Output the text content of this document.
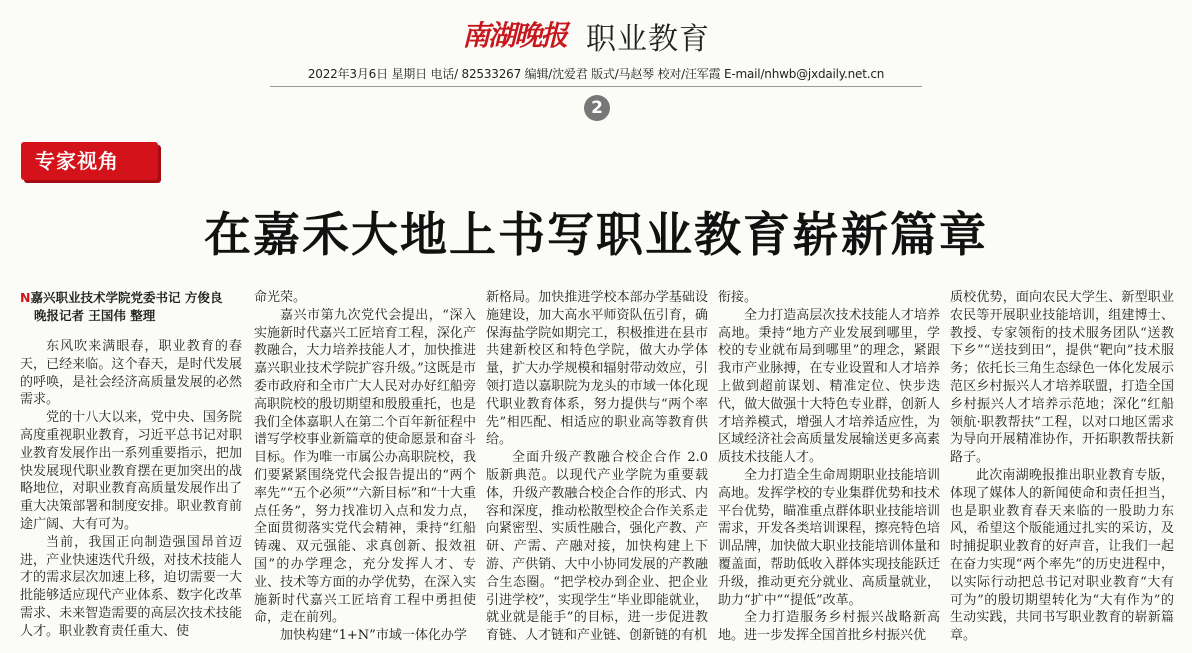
南湖晚报 职业教育
2022年3月6日 星期日 电话/ 82533267 编辑/沈爱君 版式/马赵琴 校对/汪军霞 E-mail/nhwb@jxdaily.net.cn
2
专家视角
在嘉禾大地上书写职业教育崭新篇章
N嘉兴职业技术学院党委书记 方俊良
晚报记者 王国伟 整理

东风吹来满眼春，职业教育的春天，已经来临。这个春天，是时代发展的呼唤，是社会经济高质量发展的必然需求。

党的十八大以来，党中央、国务院高度重视职业教育，习近平总书记对职业教育发展作出一系列重要指示，把加快发展现代职业教育摆在更加突出的战略地位，对职业教育高质量发展作出了重大决策部署和制度安排。职业教育前途广阔、大有可为。

当前，我国正向制造强国昂首迈进，产业快速迭代升级，对技术技能人才的需求层次加速上移，迫切需要一大批能够适应现代产业体系、数字化改革需求、未来智造需要的高层次技术技能人才。职业教育责任重大、使

命光荣。

嘉兴市第九次党代会提出，“深入实施新时代嘉兴工匠培育工程，深化产教融合，大力培养技能人才，加快推进嘉兴职业技术学院扩容升级。”这既是市委市政府和全市广大人民对办好红船旁高职院校的殷切期望和殷殷重托，也是我们全体嘉职人在第二个百年新征程中谱写学校事业新篇章的使命愿景和奋斗目标。作为唯一市属公办高职院校，我们要紧紧围绕党代会报告提出的“两个率先”“五个必须”“六新目标”和“十大重点任务”，努力找准切入点和发力点，全面贯彻落实党代会精神，秉持“红船铸魂、双元强能、求真创新、报效祖国”的办学理念，充分发挥人才、专业、技术等方面的办学优势，在深入实施新时代嘉兴工匠培育工程中勇担使命，走在前列。

加快构建“1+N”市域一体化办学

新格局。加快推进学校本部办学基础设施建设，加大高水平师资队伍引育，确保海盐学院如期完工，积极推进在县市共建新校区和特色学院，做大办学体量，扩大办学规模和辐射带动效应，引领打造以嘉职院为龙头的市域一体化现代职业教育体系，努力提供与“两个率先”相匹配、相适应的职业高等教育供给。

全面升级产教融合校企合作 2.0 版新典范。以现代产业学院为重要载体，升级产教融合校企合作的形式、内容和深度，推动松散型校企合作关系走向紧密型、实质性融合，强化产教、产研、产需、产融对接，加快构建上下游、产供销、大中小协同发展的产教融合生态圈。“把学校办到企业、把企业引进学校”，实现学生“毕业即能就业，就业就是能手”的目标，进一步促进教育链、人才链和产业链、创新链的有机

衔接。

全力打造高层次技术技能人才培养高地。秉持“地方产业发展到哪里，学校的专业就布局到哪里”的理念，紧跟我市产业脉搏，在专业设置和人才培养上做到超前谋划、精准定位、快步迭代，做大做强十大特色专业群，创新人才培养模式，增强人才培养适应性，为区域经济社会高质量发展输送更多高素质技术技能人才。

全力打造全生命周期职业技能培训高地。发挥学校的专业集群优势和技术平台优势，瞄准重点群体职业技能培训需求，开发各类培训课程，擦亮特色培训品牌，加快做大职业技能培训体量和覆盖面，帮助低收入群体实现技能跃迁升级，推动更充分就业、高质量就业，助力“扩中”“提低”改革。

全力打造服务乡村振兴战略新高地。进一步发挥全国首批乡村振兴优

质校优势，面向农民大学生、新型职业农民等开展职业技能培训，组建博士、教授、专家领衔的技术服务团队“送教下乡”“送技到田”，提供“靶向”技术服务；依托长三角生态绿色一体化发展示范区乡村振兴人才培养联盟，打造全国乡村振兴人才培养示范地；深化“红船领航·职教帮扶”工程，以对口地区需求为导向开展精准协作，开拓职教帮扶新路子。

此次南湖晚报推出职业教育专版，体现了媒体人的新闻使命和责任担当，也是职业教育春天来临的一股助力东风，希望这个版能通过扎实的采访，及时捕捉职业教育的好声音，让我们一起在奋力实现“两个率先”的历史进程中，以实际行动把总书记对职业教育“大有可为”的殷切期望转化为“大有作为”的生动实践，共同书写职业教育的崭新篇章。
